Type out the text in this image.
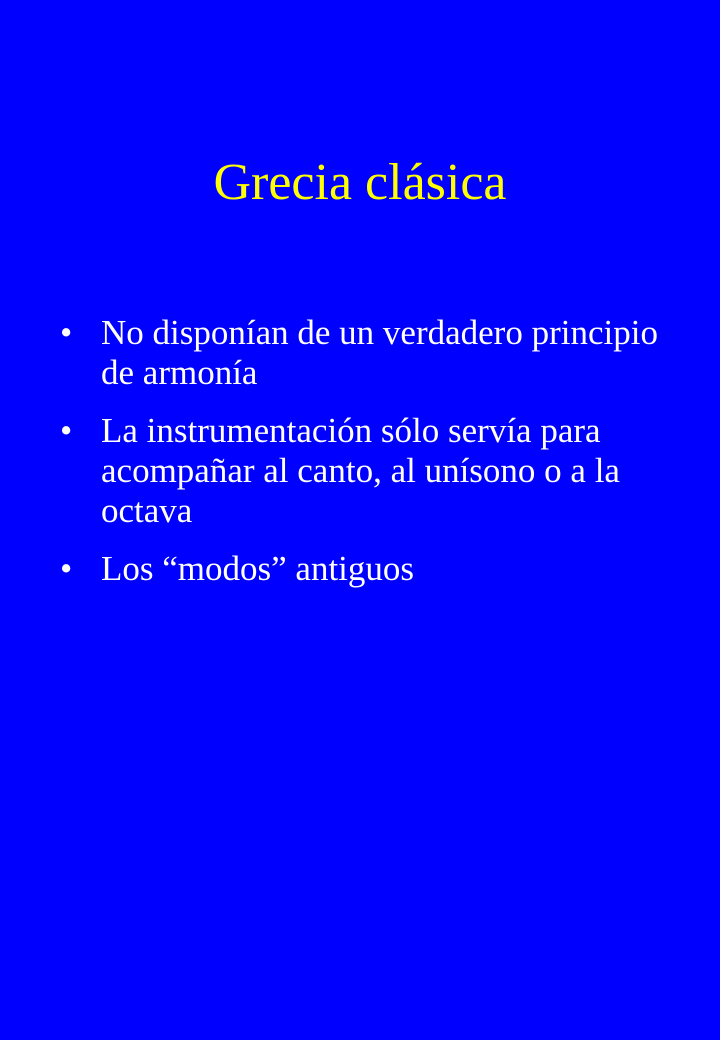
Grecia clásica
• No disponían de un verdadero principio de armonía
• La instrumentación sólo servía para acompañar al canto, al unísono o a la octava
• Los “modos” antiguos
